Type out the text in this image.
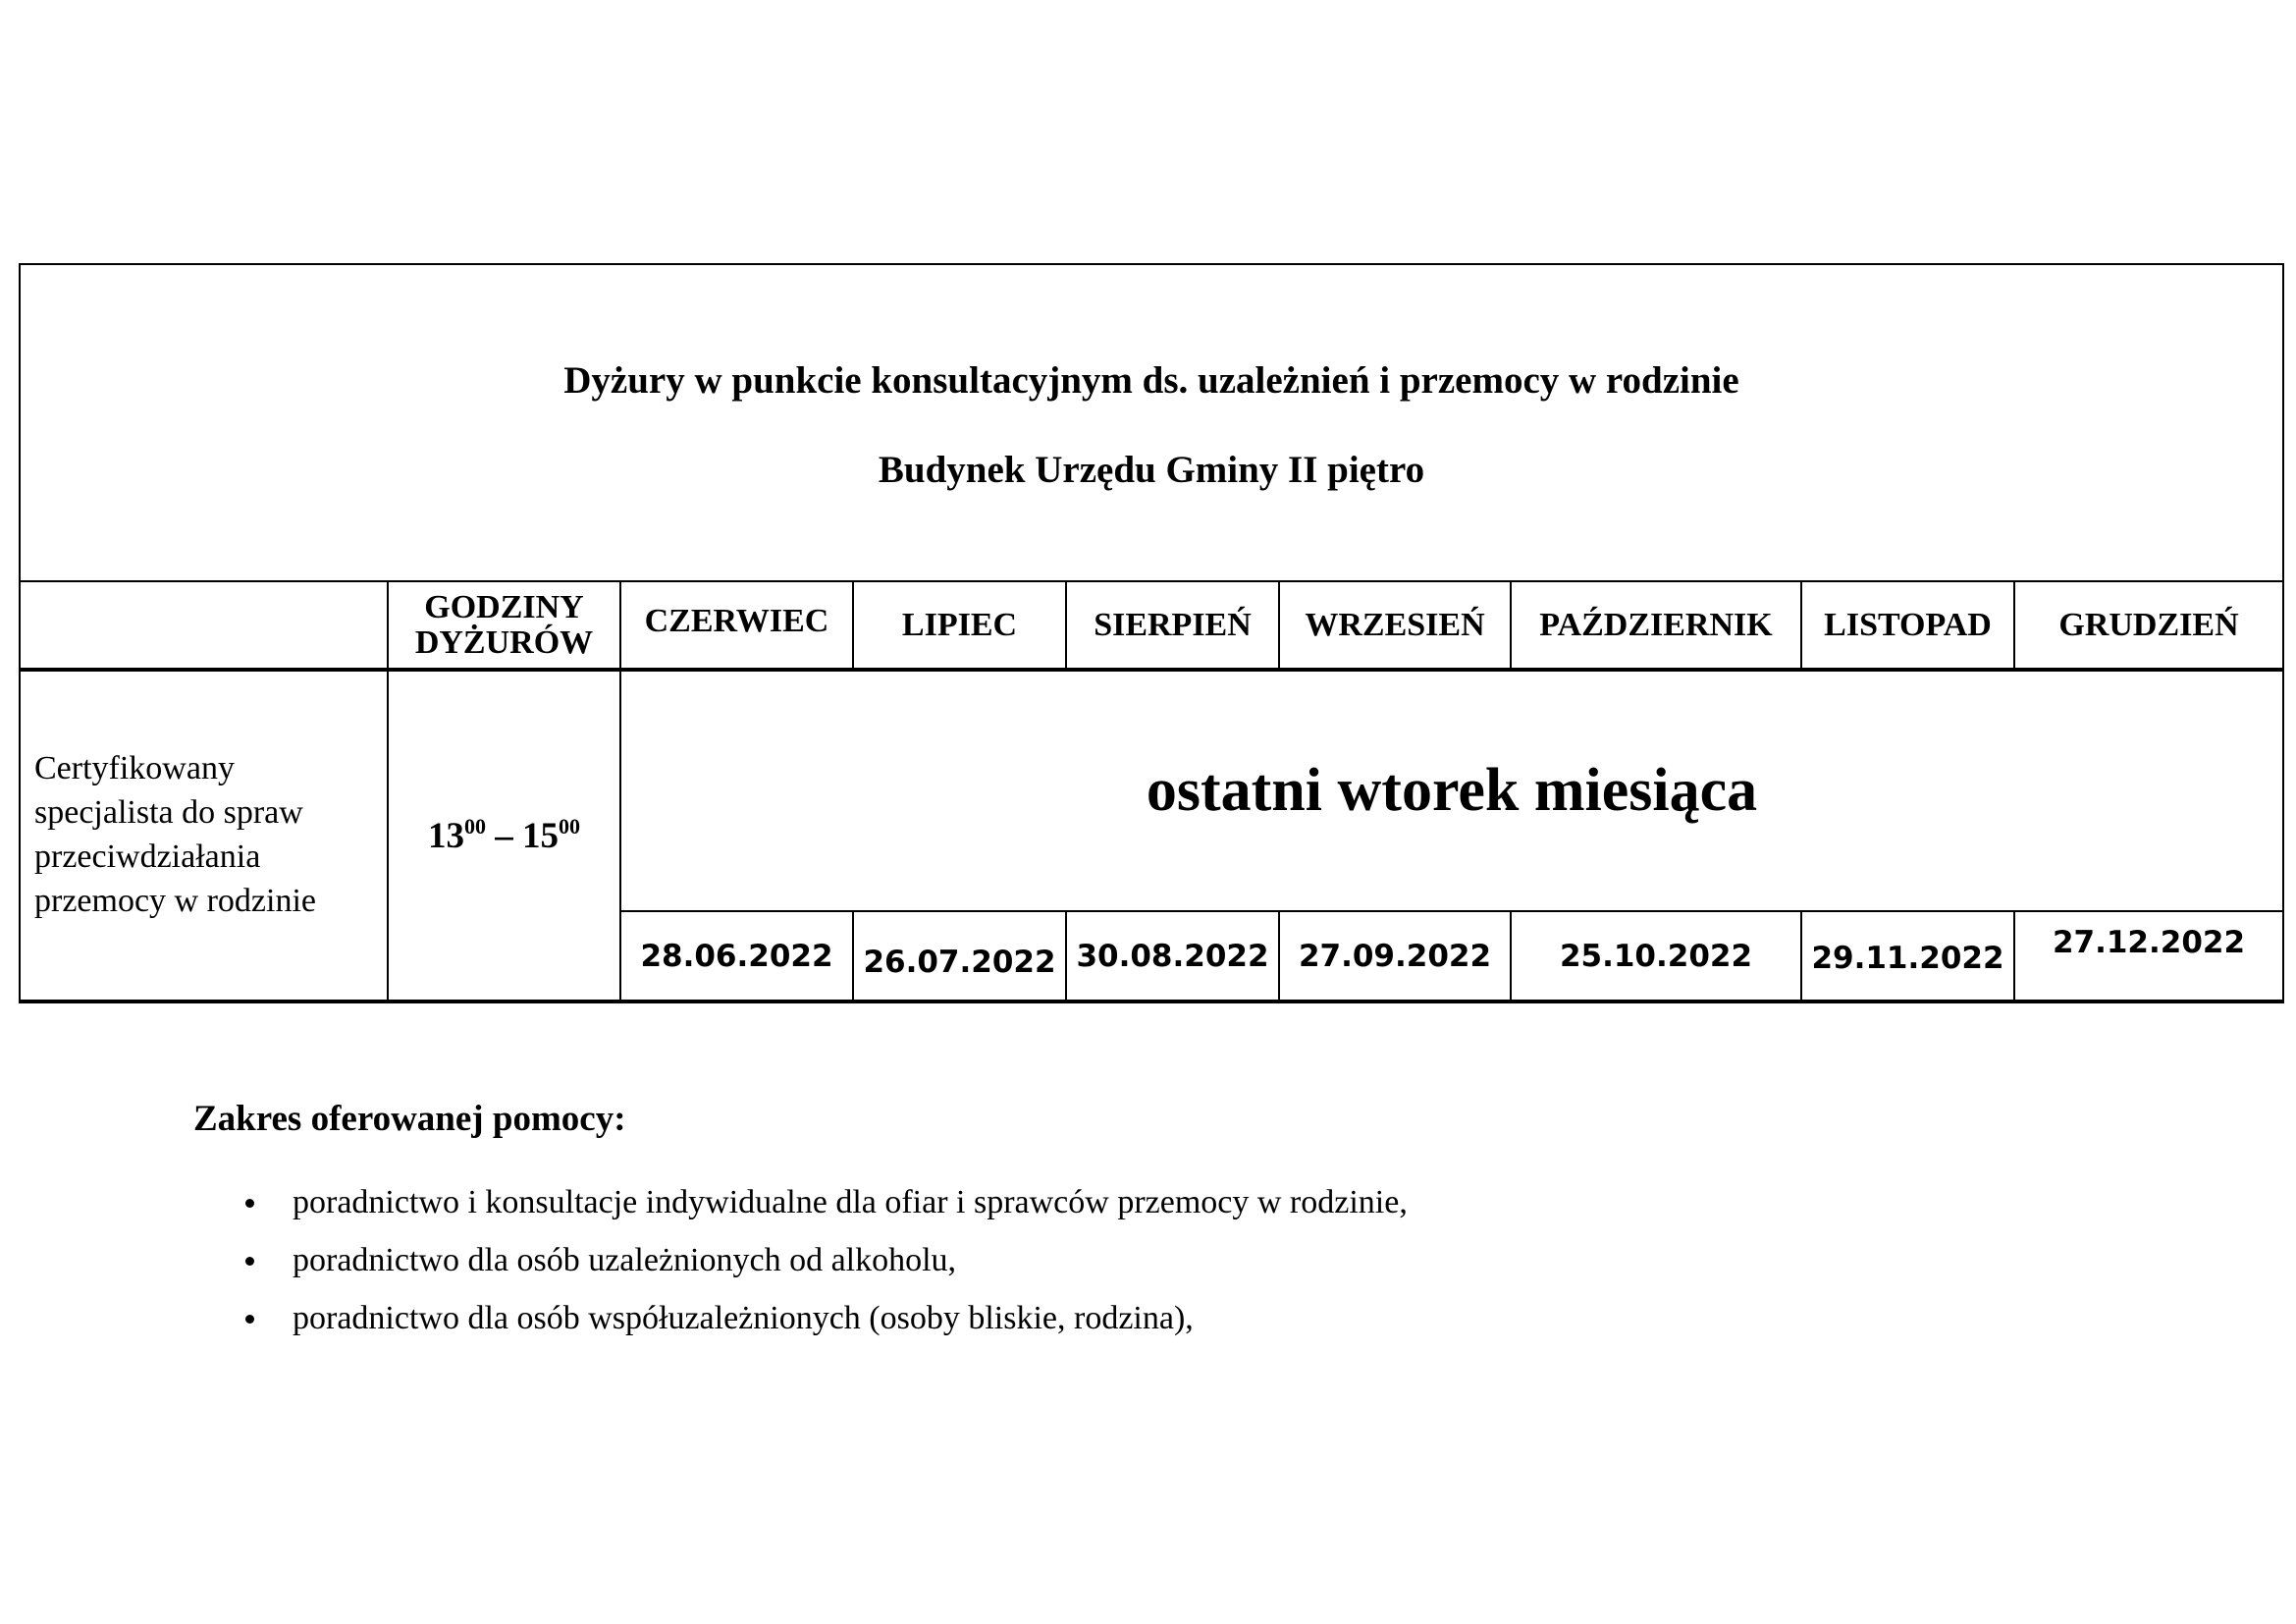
Dyżury w punkcie konsultacyjnym ds. uzależnień i przemocy w rodzinie
Budynek Urzędu Gminy II piętro
GODZINY DYŻURÓW
CZERWIEC	LIPIEC	SIERPIEŃ	WRZESIEŃ	PAŹDZIERNIK	LISTOPAD	GRUDZIEŃ
Certyfikowany specjalista do spraw przeciwdziałania przemocy w rodzinie
$13^{00} - 15^{00}$
ostatni wtorek miesiąca
28.06.2022 26.07.2022 30.08.2022 27.09.2022	25.10.2022	29.11.2022	27.12.2022
Zakres oferowanej pomocy:
poradnictwo i konsultacje indywidualne dla ofiar i sprawców przemocy w rodzinie,
poradnictwo dla osób uzależnionych od alkoholu,
poradnictwo dla osób współuzależnionych (osoby bliskie, rodzina),
